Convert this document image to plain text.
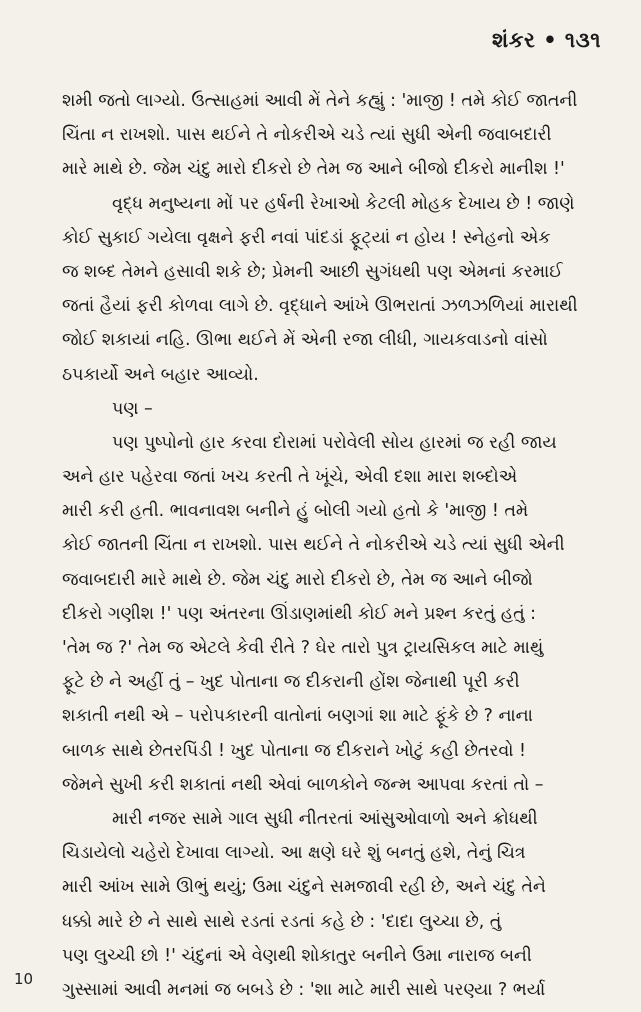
શંકર • ૧૩૧
શમી જતો લાગ્યો. ઉત્સાહમાં આવી મેં તેને કહ્યું : 'માજી ! તમે કોઈ જાતની
ચિંતા ન રાખશો. પાસ થઈને તે નોકરીએ ચડે ત્યાં સુધી એની જવાબદારી
મારે માથે છે. જેમ ચંદુ મારો દીકરો છે તેમ જ આને બીજો દીકરો માનીશ !'
વૃદ્ધ મનુષ્યના મોં પર હર્ષની રેખાઓ કેટલી મોહક દેખાય છે ! જાણે
કોઈ સુકાઈ ગયેલા વૃક્ષને ફરી નવાં પાંદડાં ફૂટ્યાં ન હોય ! સ્નેહનો એક
જ શબ્દ તેમને હસાવી શકે છે; પ્રેમની આછી સુગંધથી પણ એમનાં કરમાઈ
જતાં હૈયાં ફરી કોળવા લાગે છે. વૃદ્ધાને આંખે ઊભરાતાં ઝળઝળિયાં મારાથી
જોઈ શકાયાં નહિ. ઊભા થઈને મેં એની રજા લીધી, ગાયકવાડનો વાંસો
ઠપકાર્યો અને બહાર આવ્યો.
પણ –
પણ પુષ્પોનો હાર કરવા દોરામાં પરોવેલી સોય હારમાં જ રહી જાય
અને હાર પહેરવા જતાં ખચ કરતી તે ખૂંચે, એવી દશા મારા શબ્દોએ
મારી કરી હતી. ભાવનાવશ બનીને હું બોલી ગયો હતો કે 'માજી ! તમે
કોઈ જાતની ચિંતા ન રાખશો. પાસ થઈને તે નોકરીએ ચડે ત્યાં સુધી એની
જવાબદારી મારે માથે છે. જેમ ચંદુ મારો દીકરો છે, તેમ જ આને બીજો
દીકરો ગણીશ !' પણ અંતરના ઊંડાણમાંથી કોઈ મને પ્રશ્ન કરતું હતું :
'તેમ જ ?' તેમ જ એટલે કેવી રીતે ? ઘેર તારો પુત્ર ટ્રાયસિકલ માટે માથું
ફૂટે છે ને અહીં તું – ખુદ પોતાના જ દીકરાની હોંશ જેનાથી પૂરી કરી
શકાતી નથી એ – પરોપકારની વાતોનાં બણગાં શા માટે ફૂંકે છે ? નાના
બાળક સાથે છેતરપિંડી ! ખુદ પોતાના જ દીકરાને ખોટું કહી છેતરવો !
જેમને સુખી કરી શકાતાં નથી એવાં બાળકોને જન્મ આપવા કરતાં તો –
મારી નજર સામે ગાલ સુધી નીતરતાં આંસુઓવાળો અને ક્રોધથી
ચિડાયેલો ચહેરો દેખાવા લાગ્યો. આ ક્ષણે ઘરે શું બનતું હશે, તેનું ચિત્ર
મારી આંખ સામે ઊભું થયું; ઉમા ચંદુને સમજાવી રહી છે, અને ચંદુ તેને
ધક્કો મારે છે ને સાથે સાથે રડતાં રડતાં કહે છે : 'દાદા લુચ્ચા છે, તું
પણ લુચ્ચી છો !' ચંદુનાં એ વેણથી શોકાતુર બનીને ઉમા નારાજ બની
ગુસ્સામાં આવી મનમાં જ બબડે છે : 'શા માટે મારી સાથે પરણ્યા ? ભર્યા
10
